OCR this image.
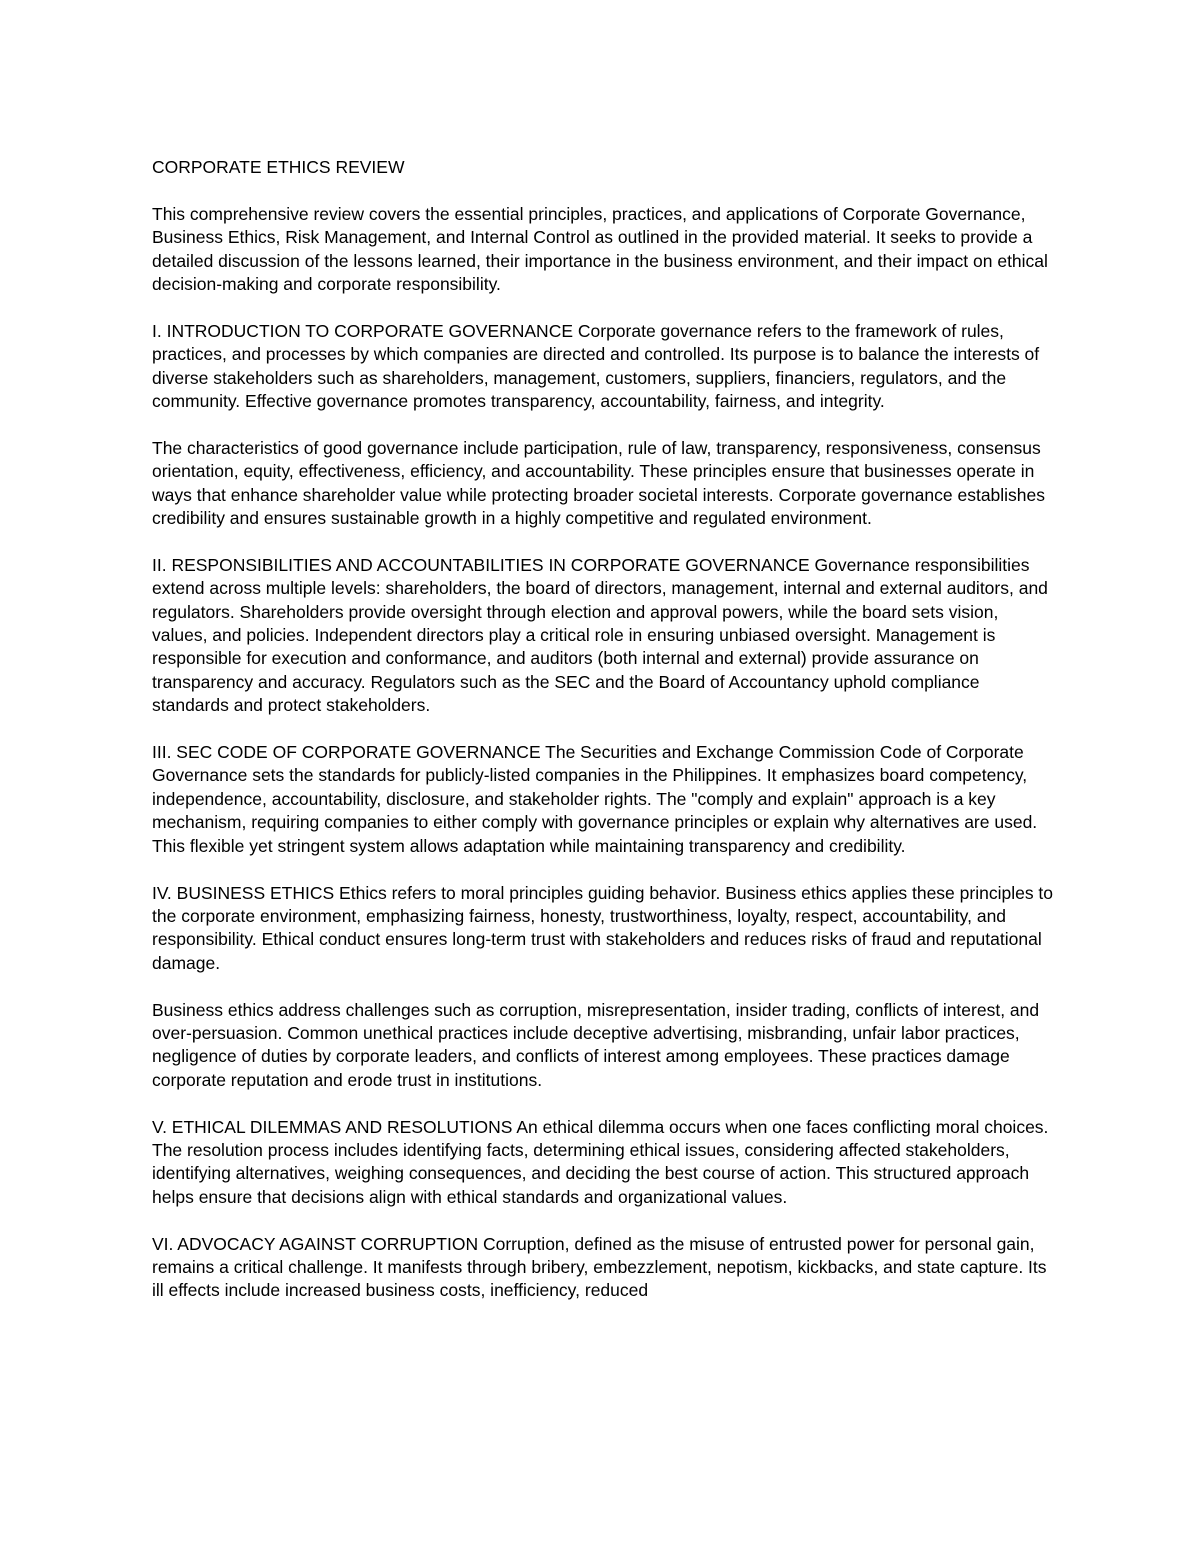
CORPORATE ETHICS REVIEW

This comprehensive review covers the essential principles, practices, and applications of Corporate Governance, Business Ethics, Risk Management, and Internal Control as outlined in the provided material. It seeks to provide a detailed discussion of the lessons learned, their importance in the business environment, and their impact on ethical decision-making and corporate responsibility.

I. INTRODUCTION TO CORPORATE GOVERNANCE Corporate governance refers to the framework of rules, practices, and processes by which companies are directed and controlled. Its purpose is to balance the interests of diverse stakeholders such as shareholders, management, customers, suppliers, financiers, regulators, and the community. Effective governance promotes transparency, accountability, fairness, and integrity.

The characteristics of good governance include participation, rule of law, transparency, responsiveness, consensus orientation, equity, effectiveness, efficiency, and accountability. These principles ensure that businesses operate in ways that enhance shareholder value while protecting broader societal interests. Corporate governance establishes credibility and ensures sustainable growth in a highly competitive and regulated environment.

II. RESPONSIBILITIES AND ACCOUNTABILITIES IN CORPORATE GOVERNANCE Governance responsibilities extend across multiple levels: shareholders, the board of directors, management, internal and external auditors, and regulators. Shareholders provide oversight through election and approval powers, while the board sets vision, values, and policies. Independent directors play a critical role in ensuring unbiased oversight. Management is responsible for execution and conformance, and auditors (both internal and external) provide assurance on transparency and accuracy. Regulators such as the SEC and the Board of Accountancy uphold compliance standards and protect stakeholders.

III. SEC CODE OF CORPORATE GOVERNANCE The Securities and Exchange Commission Code of Corporate Governance sets the standards for publicly-listed companies in the Philippines. It emphasizes board competency, independence, accountability, disclosure, and stakeholder rights. The "comply and explain" approach is a key mechanism, requiring companies to either comply with governance principles or explain why alternatives are used. This flexible yet stringent system allows adaptation while maintaining transparency and credibility.

IV. BUSINESS ETHICS Ethics refers to moral principles guiding behavior. Business ethics applies these principles to the corporate environment, emphasizing fairness, honesty, trustworthiness, loyalty, respect, accountability, and responsibility. Ethical conduct ensures long-term trust with stakeholders and reduces risks of fraud and reputational damage.

Business ethics address challenges such as corruption, misrepresentation, insider trading, conflicts of interest, and over-persuasion. Common unethical practices include deceptive advertising, misbranding, unfair labor practices, negligence of duties by corporate leaders, and conflicts of interest among employees. These practices damage corporate reputation and erode trust in institutions.

V. ETHICAL DILEMMAS AND RESOLUTIONS An ethical dilemma occurs when one faces conflicting moral choices. The resolution process includes identifying facts, determining ethical issues, considering affected stakeholders, identifying alternatives, weighing consequences, and deciding the best course of action. This structured approach helps ensure that decisions align with ethical standards and organizational values.

VI. ADVOCACY AGAINST CORRUPTION Corruption, defined as the misuse of entrusted power for personal gain, remains a critical challenge. It manifests through bribery, embezzlement, nepotism, kickbacks, and state capture. Its ill effects include increased business costs, inefficiency, reduced
